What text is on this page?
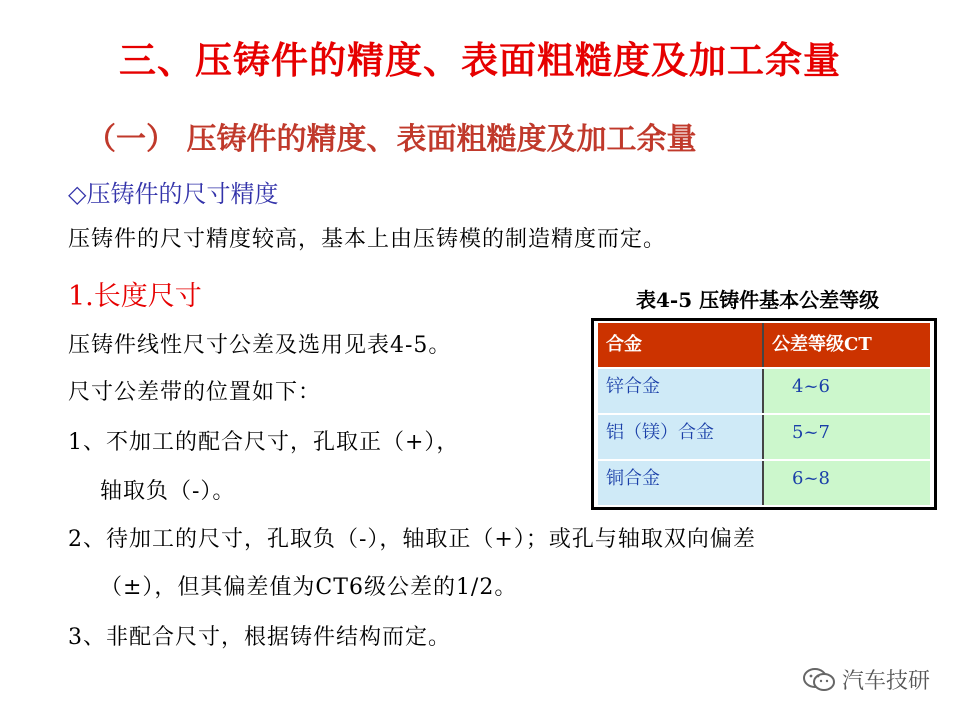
三、压铸件的精度、表面粗糙度及加工余量
（一） 压铸件的精度、表面粗糙度及加工余量
◇压铸件的尺寸精度
压铸件的尺寸精度较高，基本上由压铸模的制造精度而定。
1.长度尺寸
压铸件线性尺寸公差及选用见表4-5。
尺寸公差带的位置如下：
1、不加工的配合尺寸，孔取正（+），
轴取负（-）。
2、待加工的尺寸，孔取负（-），轴取正（+）；或孔与轴取双向偏差
（±），但其偏差值为CT6级公差的1/2。
3、非配合尺寸，根据铸件结构而定。
表4-5 压铸件基本公差等级
合金	公差等级CT
锌合金	4~6
铝（镁）合金	5~7
铜合金	6~8
汽车技研
